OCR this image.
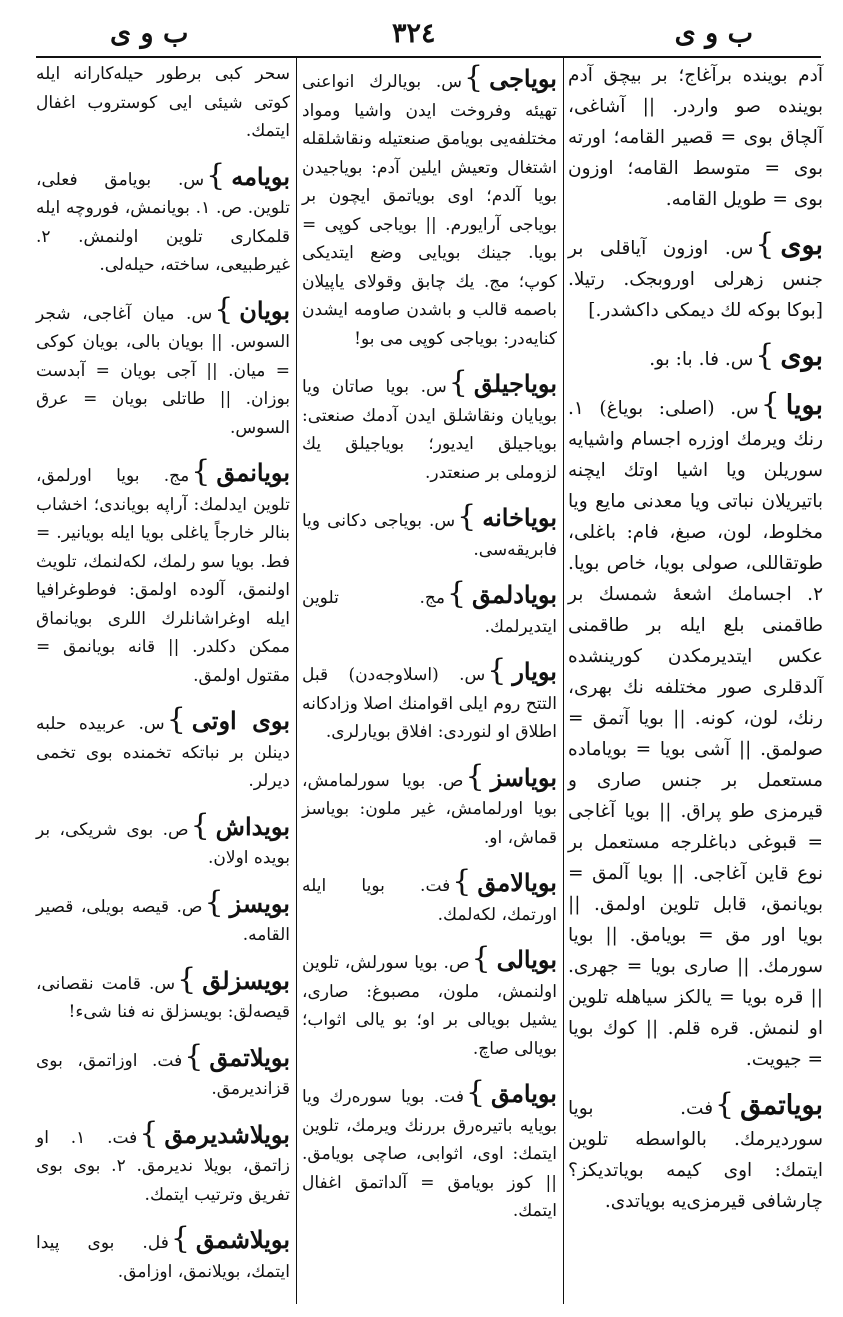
ب و ى
٣٢٤
ب و ى
آدم بوینده برآغاج؛ بر بیچق آدم بوینده صو واردر. || آشاغی، آلچاق بوی = قصیر القامه؛ اورته بوی = متوسط القامه؛ اوزون بوی = طویل القامه.
بوی}س. اوزون آیاقلی بر جنس زهرلی اوروبجک. رتیلا. [بوکا بوکه لك دیمکی داکشدر.]
بوی}س. فا. با: بو.
بویا}س. (اصلی: بویاغ) ١. رنك ویرمك اوزره اجسام واشیایه سوریلن ویا اشیا اوتك ایچنه باتیریلان نباتی ویا معدنی مایع ویا مخلوط، لون، صبغ، فام: باغلی، طوتقاللی، صولی بویا، خاص بویا. ٢. اجسامك اشعهٔ شمسك بر طاقمنی بلع ایله بر طاقمنی عکس ایتدیرمکدن کورینشده آلدقلری صور مختلفه نك بهری، رنك، لون، کونه. || بویا آتمق = صولمق. || آشی بویا = بویاماده مستعمل بر جنس صاری و قیرمزی طو پراق. || بویا آغاجی = قبوغی دباغلرجه مستعمل بر نوع قاین آغاجی. || بویا آلمق = بویانمق، قابل تلوین اولمق. || بویا اور مق = بویامق. || بویا سورمك. || صاری بویا = جهری. || قره بویا = یالکز سیاهله تلوین او لنمش. قره قلم. || کوك بویا = جیویت.
بویاتمق}فت. بویا سوردیرمك. بالواسطه تلوین ایتمك: اوی کیمه بویاتدیکز؟ چارشافی قیرمزی‌یه بویاتدی.
بویاجی}س. بویالرك انواعنی تهیئه وفروخت ایدن واشیا ومواد مختلفه‌یی بویامق صنعتیله ونقاشلقله اشتغال وتعیش ایلین آدم: بویاجیدن بویا آلدم؛ اوی بویاتمق ایچون بر بویاجی آرایورم. || بویاجی کوپی = بویا. جینك بویایی وضع ایتدیکی کوپ؛ مج. یك چابق وقولای یاپیلان باصمه قالب و باشدن صاومه ایشدن کنایه‌در: بویاجی کوپی می بو!
بویاجیلق}س. بویا صاتان ویا بویایان ونقاشلق ایدن آدمك صنعتی: بویاجیلق ایدیور؛ بویاجیلق یك لزوملی بر صنعتدر.
بویاخانه}س. بویاجی دکانی ویا فابریقه‌سی.
بویادلمق}مج. تلوین ایتدیرلمك.
بویار}س. (اسلاوجه‌دن) قبل التتح روم ایلی اقوامنك اصلا وزادکانه اطلاق او لنوردی: افلاق بویارلری.
بویاسز}ص. بویا سورلمامش، بویا اورلمامش، غیر ملون: بویاسز قماش، او.
بویالامق}فت. بویا ایله اورتمك، لکه‌لمك.
بویالی}ص. بویا سورلش، تلوین اولنمش، ملون، مصبوغ: صاری، یشیل بویالی بر او؛ بو یالی اثواب؛ بویالی صاچ.
بویامق}فت. بویا سوره‌رك ویا بویایه باتیره‌رق بررنك ویرمك، تلوین ایتمك: اوی، اثوابی، صاچی بویامق. || کوز بویامق = آلداتمق اغفال ایتمك.
سحر کبی برطور حیله‌کارانه ایله کوتی شیئی ایی کوستروب اغفال ایتمك.
بویامه}س. بویامق فعلی، تلوین. ص. ١. بویانمش، فوروچه ایله قلمکاری تلوین اولنمش. ٢. غیرطبیعی، ساخته، حیله‌لی.
بویان}س. میان آغاجی، شجر السوس. || بویان بالی، بویان کوکی = میان. || آجی بویان = آبدست بوزان. || طاتلی بویان = عرق السوس.
بویانمق}مج. بویا اورلمق، تلوین ایدلمك: آراپه بویاندی؛ اخشاب بنالر خارجاً یاغلی بویا ایله بویانیر. = فط. بویا سو رلمك، لکه‌لنمك، تلویث اولنمق، آلوده اولمق: فوطوغرافیا ایله اوغراشانلرك اللری بویانماق ممکن دکلدر. || قانه بویانمق = مقتول اولمق.
بوی اوتی}س. عربیده حلبه دینلن بر نباتکه تخمنده بوی تخمی دیرلر.
بویداش}ص. بوی شریکی، بر بویده اولان.
بویسز}ص. قیصه بویلی، قصیر القامه.
بویسزلق}س. قامت نقصانی، قیصه‌لق: بویسزلق نه فنا شیء!
بویلاتمق}فت. اوزاتمق، بوی قزاندیرمق.
بویلاشدیرمق}فت. ١. او زاتمق، بویلا ندیرمق. ٢. بوی بوی تفریق وترتیب ایتمك.
بویلاشمق}فل. بوی پیدا ایتمك، بویلانمق، اوزامق.
